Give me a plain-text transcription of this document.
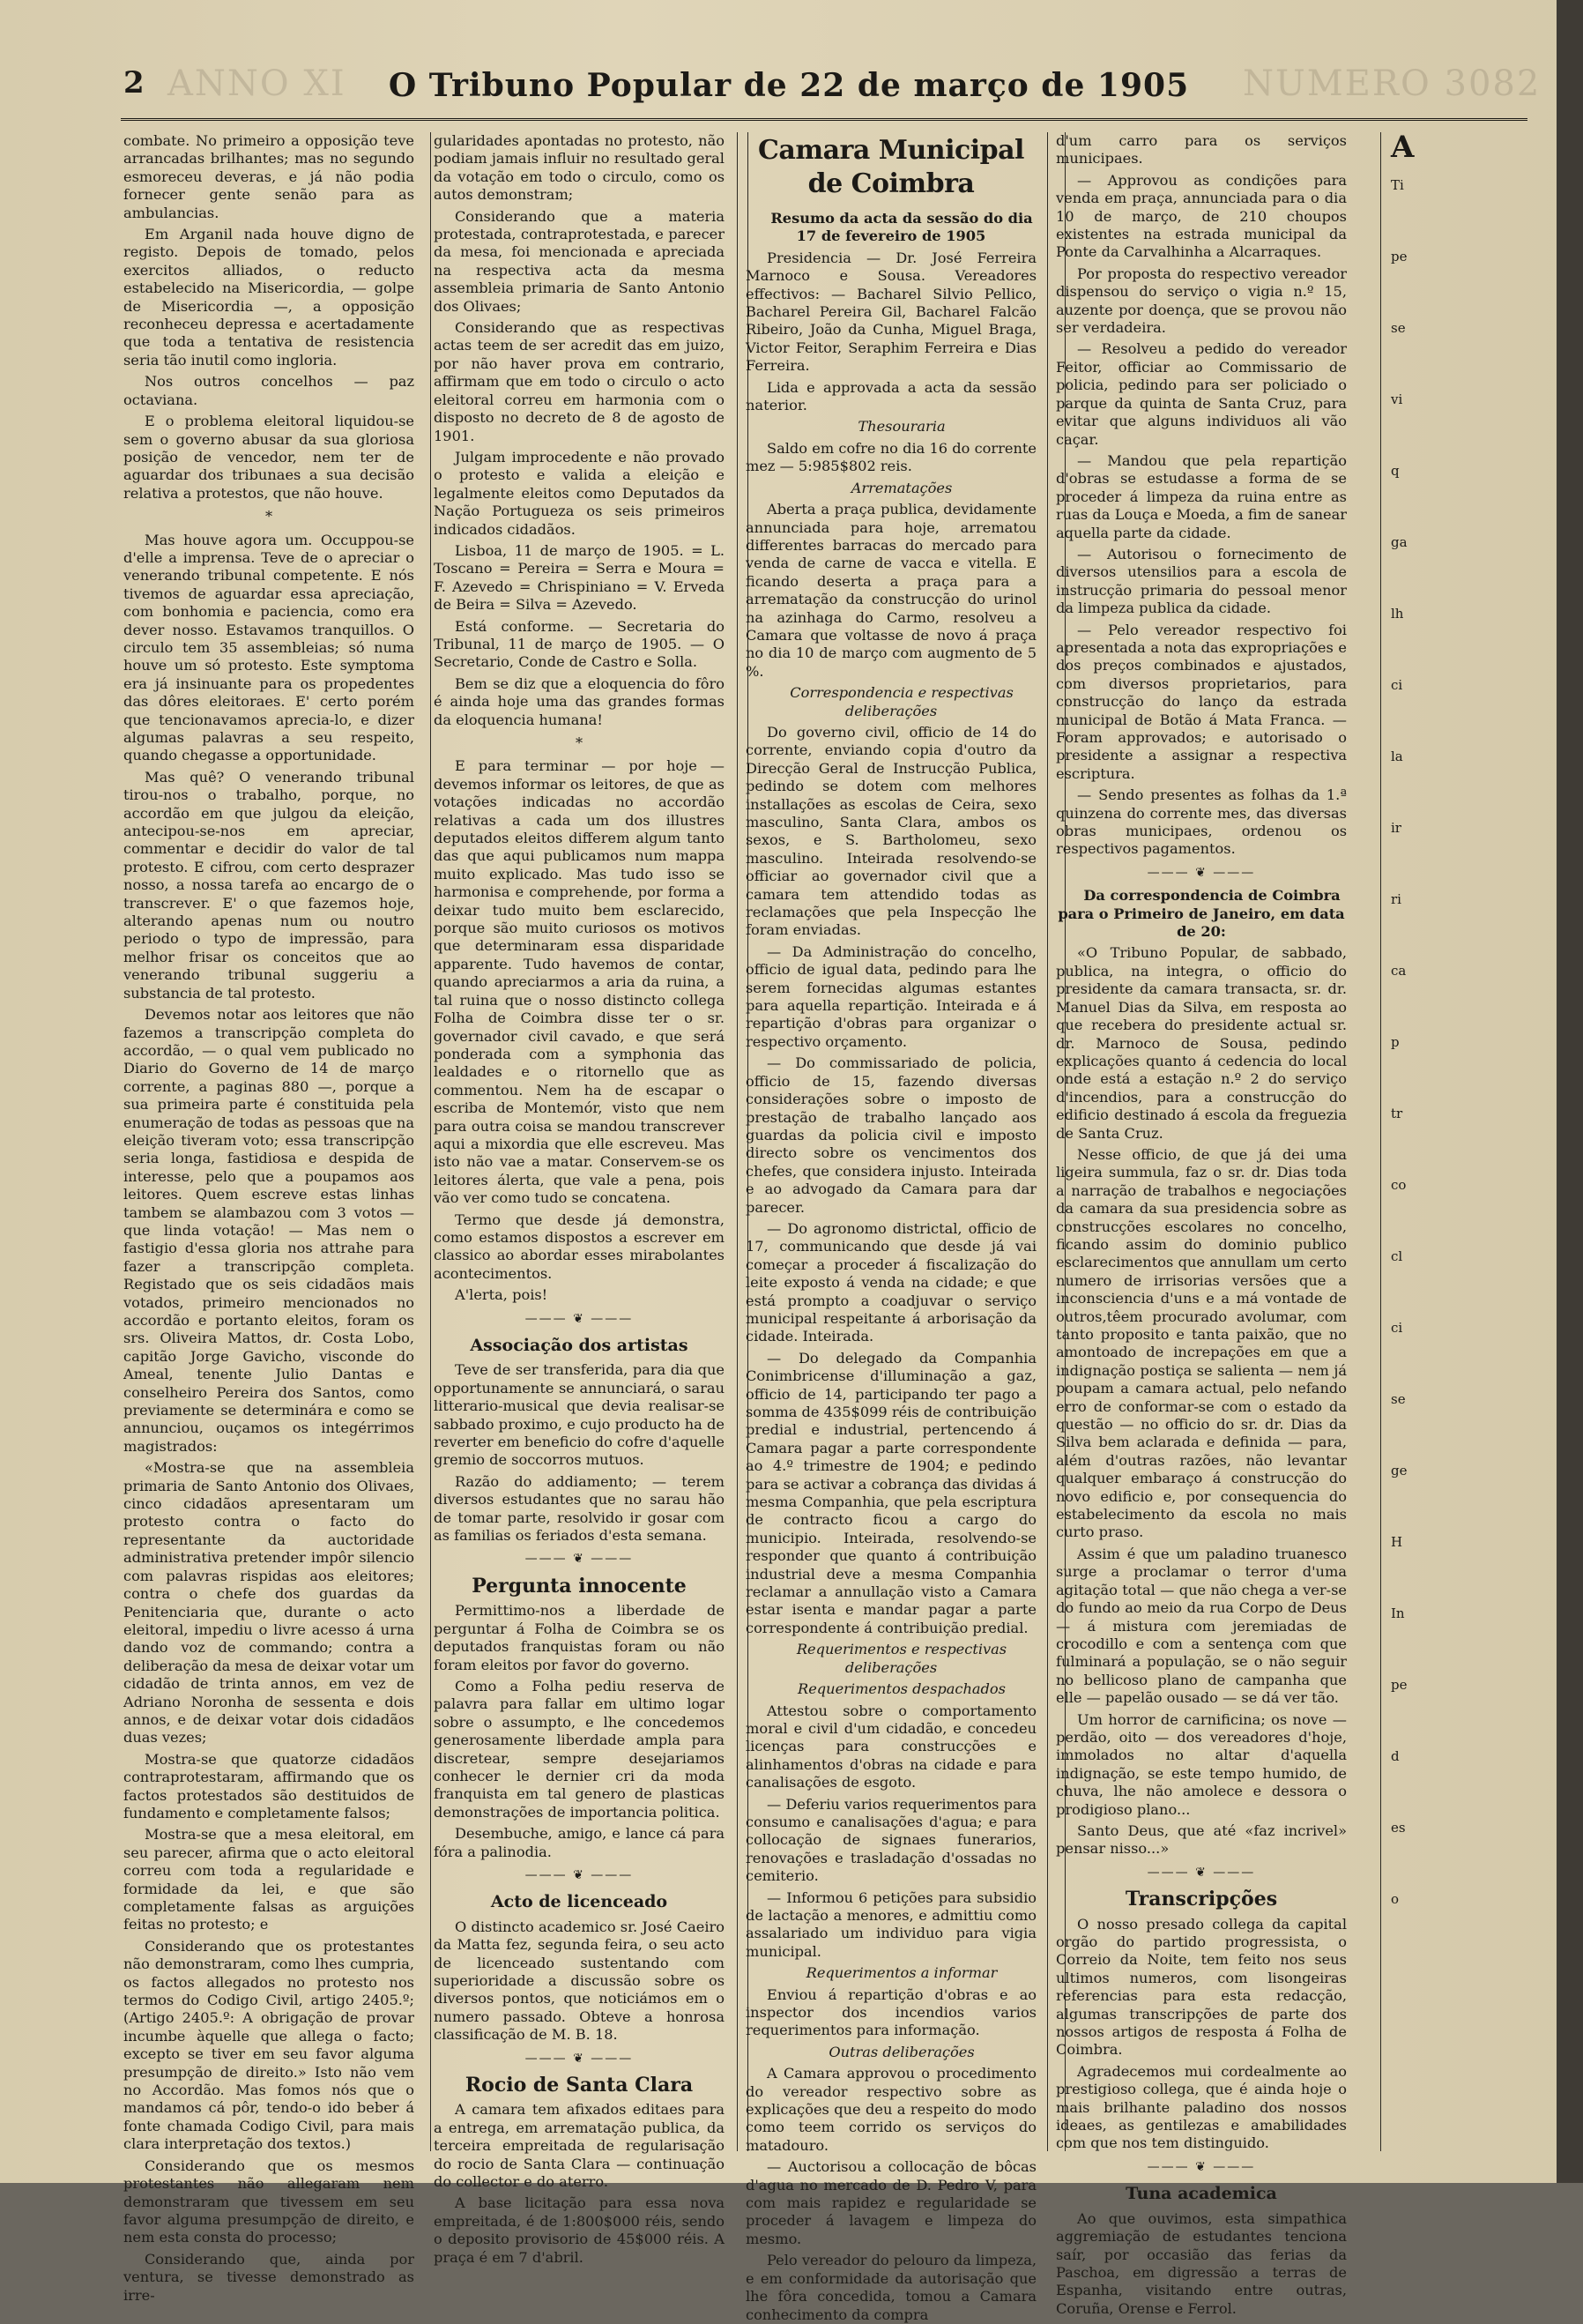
ANNO XI	NUMERO 3082
2	O Tribuno Popular de 22 de março de 1905

combate. No primeiro a opposição teve arrancadas brilhantes; mas no segundo esmoreceu deveras, e já não podia fornecer gente senão para as ambulancias.

Em Arganil nada houve digno de registo. Depois de tomado, pelos exercitos alliados, o reducto estabelecido na Misericordia, — golpe de Misericordia —, a opposição reconheceu depressa e acertadamente que toda a tentativa de resistencia seria tão inutil como ingloria.

Nos outros concelhos — paz octaviana.

E o problema eleitoral liquidou-se sem o governo abusar da sua gloriosa posição de vencedor, nem ter de aguardar dos tribunaes a sua decisão relativa a protestos, que não houve.

*

Mas houve agora um. Occuppou-se d'elle a imprensa. Teve de o apreciar o venerando tribunal competente. E nós tivemos de aguardar essa apreciação, com bonhomia e paciencia, como era dever nosso. Estavamos tranquillos. O circulo tem 35 assembleias; só numa houve um só protesto. Este symptoma era já insinuante para os propedentes das dôres eleitoraes. E' certo porém que tencionavamos aprecia-lo, e dizer algumas palavras a seu respeito, quando chegasse a opportunidade.

Mas quê? O venerando tribunal tirou-nos o trabalho, porque, no accordão em que julgou da eleição, antecipou-se-nos em apreciar, commentar e decidir do valor de tal protesto. E cifrou, com certo desprazer nosso, a nossa tarefa ao encargo de o transcrever. E' o que fazemos hoje, alterando apenas num ou noutro periodo o typo de impressão, para melhor frisar os conceitos que ao venerando tribunal suggeriu a substancia de tal protesto.

Devemos notar aos leitores que não fazemos a transcripção completa do accordão, — o qual vem publicado no Diario do Governo de 14 de março corrente, a paginas 880 —, porque a sua primeira parte é constituida pela enumeração de todas as pessoas que na eleição tiveram voto; essa transcripção seria longa, fastidiosa e despida de interesse, pelo que a poupamos aos leitores. Quem escreve estas linhas tambem se alambazou com 3 votos — que linda votação! — Mas nem o fastigio d'essa gloria nos attrahe para fazer a transcripção completa. Registado que os seis cidadãos mais votados, primeiro mencionados no accordão e portanto eleitos, foram os srs. Oliveira Mattos, dr. Costa Lobo, capitão Jorge Gavicho, visconde do Ameal, tenente Julio Dantas e conselheiro Pereira dos Santos, como previamente se determinára e como se annunciou, ouçamos os integérrimos magistrados:

«Mostra-se que na assembleia primaria de Santo Antonio dos Olivaes, cinco cidadãos apresentaram um protesto contra o facto do representante da auctoridade administrativa pretender impôr silencio com palavras rispidas aos eleitores; contra o chefe dos guardas da Penitenciaria que, durante o acto eleitoral, impediu o livre acesso á urna dando voz de commando; contra a deliberação da mesa de deixar votar um cidadão de trinta annos, em vez de Adriano Noronha de sessenta e dois annos, e de deixar votar dois cidadãos duas vezes;

Mostra-se que quatorze cidadãos contraprotestaram, affirmando que os factos protestados são destituidos de fundamento e completamente falsos;

Mostra-se que a mesa eleitoral, em seu parecer, afirma que o acto eleitoral correu com toda a regularidade e formidade da lei, e que são completamente falsas as arguições feitas no protesto; e

Considerando que os protestantes não demonstraram, como lhes cumpria, os factos allegados no protesto nos termos do Codigo Civil, artigo 2405.º; (Artigo 2405.º: A obrigação de provar incumbe àquelle que allega o facto; excepto se tiver em seu favor alguma presumpção de direito.» Isto não vem no Accordão. Mas fomos nós que o mandamos cá pôr, tendo-o ido beber á fonte chamada Codigo Civil, para mais clara interpretação dos textos.)

Considerando que os mesmos protestantes não allegaram nem demonstraram que tivessem em seu favor alguma presumpção de direito, e nem esta consta do processo;

Considerando que, ainda por ventura, se tivesse demonstrado as irre-

gularidades apontadas no protesto, não podiam jamais influir no resultado geral da votação em todo o circulo, como os autos demonstram;

Considerando que a materia protestada, contraprotestada, e parecer da mesa, foi mencionada e apreciada na respectiva acta da mesma assembleia primaria de Santo Antonio dos Olivaes;

Considerando que as respectivas actas teem de ser acredit das em juizo, por não haver prova em contrario, affirmam que em todo o circulo o acto eleitoral correu em harmonia com o disposto no decreto de 8 de agosto de 1901.

Julgam improcedente e não provado o protesto e valida a eleição e legalmente eleitos como Deputados da Nação Portugueza os seis primeiros indicados cidadãos.

Lisboa, 11 de março de 1905. = L. Toscano = Pereira = Serra e Moura = F. Azevedo = Chrispiniano = V. Erveda de Beira = Silva = Azevedo.

Está conforme. — Secretaria do Tribunal, 11 de março de 1905. — O Secretario, Conde de Castro e Solla.

Bem se diz que a eloquencia do fôro é ainda hoje uma das grandes formas da eloquencia humana!

*

E para terminar — por hoje — devemos informar os leitores, de que as votações indicadas no accordão relativas a cada um dos illustres deputados eleitos differem algum tanto das que aqui publicamos num mappa muito explicado. Mas tudo isso se harmonisa e comprehende, por forma a deixar tudo muito bem esclarecido, porque são muito curiosos os motivos que determinaram essa disparidade apparente. Tudo havemos de contar, quando apreciarmos a aria da ruina, a tal ruina que o nosso distincto collega Folha de Coimbra disse ter o sr. governador civil cavado, e que será ponderada com a symphonia das lealdades e o ritornello que as commentou. Nem ha de escapar o escriba de Montemór, visto que nem para outra coisa se mandou transcrever aqui a mixordia que elle escreveu. Mas isto não vae a matar. Conservem-se os leitores álerta, que vale a pena, pois vão ver como tudo se concatena.

Termo que desde já demonstra, como estamos dispostos a escrever em classico ao abordar esses mirabolantes acontecimentos.

A'lerta, pois!

——— ❦ ———
Associação dos artistas

Teve de ser transferida, para dia que opportunamente se annunciará, o sarau litterario-musical que devia realisar-se sabbado proximo, e cujo producto ha de reverter em beneficio do cofre d'aquelle gremio de soccorros mutuos.

Razão do addiamento; — terem diversos estudantes que no sarau hão de tomar parte, resolvido ir gosar com as familias os feriados d'esta semana.

——— ❦ ———
Pergunta innocente

Permittimo-nos a liberdade de perguntar á Folha de Coimbra se os deputados franquistas foram ou não foram eleitos por favor do governo.

Como a Folha pediu reserva de palavra para fallar em ultimo logar sobre o assumpto, e lhe concedemos generosamente liberdade ampla para discretear, sempre desejariamos conhecer le dernier cri da moda franquista em tal genero de plasticas demonstrações de importancia politica.

Desembuche, amigo, e lance cá para fóra a palinodia.

——— ❦ ———
Acto de licenceado

O distincto academico sr. José Caeiro da Matta fez, segunda feira, o seu acto de licenceado sustentando com superioridade a discussão sobre os diversos pontos, que noticiámos em o numero passado. Obteve a honrosa classificação de M. B. 18.

——— ❦ ———
Rocio de Santa Clara

A camara tem afixados editaes para a entrega, em arrematação publica, da terceira empreitada de regularisação do rocio de Santa Clara — continuação do collector e do aterro.

A base licitação para essa nova empreitada, é de 1:800$000 réis, sendo o deposito provisorio de 45$000 réis. A praça é em 7 d'abril.

Camara Municipal de Coimbra

Resumo da acta da sessão do dia 17 de fevereiro de 1905

Presidencia — Dr. José Ferreira Marnoco e Sousa. Vereadores effectivos: — Bacharel Silvio Pellico, Bacharel Pereira Gil, Bacharel Falcão Ribeiro, João da Cunha, Miguel Braga, Victor Feitor, Seraphim Ferreira e Dias Ferreira.

Lida e approvada a acta da sessão naterior.

Thesouraria

Saldo em cofre no dia 16 do corrente mez — 5:985$802 reis.

Arrematações

Aberta a praça publica, devidamente annunciada para hoje, arrematou differentes barracas do mercado para venda de carne de vacca e vitella. E ficando deserta a praça para a arrematação da construcção do urinol na azinhaga do Carmo, resolveu a Camara que voltasse de novo á praça no dia 10 de março com augmento de 5 %.

Correspondencia e respectivas deliberações

Do governo civil, officio de 14 do corrente, enviando copia d'outro da Direcção Geral de Instrucção Publica, pedindo se dotem com melhores installações as escolas de Ceira, sexo masculino, Santa Clara, ambos os sexos, e S. Bartholomeu, sexo masculino. Inteirada resolvendo-se officiar ao governador civil que a camara tem attendido todas as reclamações que pela Inspecção lhe foram enviadas.

— Da Administração do concelho, officio de igual data, pedindo para lhe serem fornecidas algumas estantes para aquella repartição. Inteirada e á repartição d'obras para organizar o respectivo orçamento.

— Do commissariado de policia, officio de 15, fazendo diversas considerações sobre o imposto de prestação de trabalho lançado aos guardas da policia civil e imposto directo sobre os vencimentos dos chefes, que considera injusto. Inteirada e ao advogado da Camara para dar parecer.

— Do agronomo districtal, officio de 17, communicando que desde já vai começar a proceder á fiscalização do leite exposto á venda na cidade; e que está prompto a coadjuvar o serviço municipal respeitante á arborisação da cidade. Inteirada.

— Do delegado da Companhia Conimbricense d'illuminação a gaz, officio de 14, participando ter pago a somma de 435$099 réis de contribuição predial e industrial, pertencendo á Camara pagar a parte correspondente ao 4.º trimestre de 1904; e pedindo para se activar a cobrança das dividas á mesma Companhia, que pela escriptura de contracto ficou a cargo do municipio. Inteirada, resolvendo-se responder que quanto á contribuição industrial deve a mesma Companhia reclamar a annullação visto a Camara estar isenta e mandar pagar a parte correspondente á contribuição predial.

Requerimentos e respectivas deliberações

Requerimentos despachados

Attestou sobre o comportamento moral e civil d'um cidadão, e concedeu licenças para construcções e alinhamentos d'obras na cidade e para canalisações de esgoto.

— Deferiu varios requerimentos para consumo e canalisações d'agua; e para collocação de signaes funerarios, renovações e trasladação d'ossadas no cemiterio.

— Informou 6 petições para subsidio de lactação a menores, e admittiu como assalariado um individuo para vigia municipal.

Requerimentos a informar

Enviou á repartição d'obras e ao inspector dos incendios varios requerimentos para informação.

Outras deliberações

A Camara approvou o procedimento do vereador respectivo sobre as explicações que deu a respeito do modo como teem corrido os serviços do matadouro.

— Auctorisou a collocação de bôcas d'agua no mercado de D. Pedro V, para com mais rapidez e regularidade se proceder á lavagem e limpeza do mesmo.

Pelo vereador do pelouro da limpeza, e em conformidade da autorisação que lhe fôra concedida, tomou a Camara conhecimento da compra

A
Ti
pe
se
vi
q
ga
lh
ci
la
ir
ri
ca
p
tr
co
cl
ci
se
ge
H
In
pe
d
es
o

d'um carro para os serviços municipaes.

— Approvou as condições para venda em praça, annunciada para o dia 10 de março, de 210 choupos existentes na estrada municipal da Ponte da Carvalhinha a Alcarraques.

Por proposta do respectivo vereador dispensou do serviço o vigia n.º 15, auzente por doença, que se provou não ser verdadeira.

— Resolveu a pedido do vereador Feitor, officiar ao Commissario de policia, pedindo para ser policiado o parque da quinta de Santa Cruz, para evitar que alguns individuos ali vão caçar.

— Mandou que pela repartição d'obras se estudasse a forma de se proceder á limpeza da ruina entre as ruas da Louça e Moeda, a fim de sanear aquella parte da cidade.

— Autorisou o fornecimento de diversos utensilios para a escola de instrucção primaria do pessoal menor da limpeza publica da cidade.

— Pelo vereador respectivo foi apresentada a nota das expropriações e dos preços combinados e ajustados, com diversos proprietarios, para construcção do lanço da estrada municipal de Botão á Mata Franca. — Foram approvados; e autorisado o presidente a assignar a respectiva escriptura.

— Sendo presentes as folhas da 1.ª quinzena do corrente mes, das diversas obras municipaes, ordenou os respectivos pagamentos.

——— ❦ ———

Da correspondencia de Coimbra para o Primeiro de Janeiro, em data de 20:

«O Tribuno Popular, de sabbado, publica, na integra, o officio do presidente da camara transacta, sr. dr. Manuel Dias da Silva, em resposta ao que recebera do presidente actual sr. dr. Marnoco de Sousa, pedindo explicações quanto á cedencia do local onde está a estação n.º 2 do serviço d'incendios, para a construcção do edificio destinado á escola da freguezia de Santa Cruz.

Nesse officio, de que já dei uma ligeira summula, faz o sr. dr. Dias toda a narração de trabalhos e negociações da camara da sua presidencia sobre as construcções escolares no concelho, ficando assim do dominio publico esclarecimentos que annullam um certo numero de irrisorias versões que a inconsciencia d'uns e a má vontade de outros,têem procurado avolumar, com tanto proposito e tanta paixão, que no amontoado de increpações em que a indignação postiça se salienta — nem já poupam a camara actual, pelo nefando erro de conformar-se com o estado da questão — no officio do sr. dr. Dias da Silva bem aclarada e definida — para, além d'outras razões, não levantar qualquer embaraço á construcção do novo edificio e, por consequencia do estabelecimento da escola no mais curto praso.

Assim é que um paladino truanesco surge a proclamar o terror d'uma agitação total — que não chega a ver-se do fundo ao meio da rua Corpo de Deus — á mistura com jeremiadas de crocodillo e com a sentença com que fulminará a população, se o não seguir no bellicoso plano de campanha que elle — papelão ousado — se dá ver tão.

Um horror de carnificina; os nove — perdão, oito — dos vereadores d'hoje, immolados no altar d'aquella indignação, se este tempo humido, de chuva, lhe não amolece e dessora o prodigioso plano...

Santo Deus, que até «faz incrivel» pensar nisso...»

——— ❦ ———
Transcripções

O nosso presado collega da capital orgão do partido progressista, o Correio da Noite, tem feito nos seus ultimos numeros, com lisongeiras referencias para esta redacção, algumas transcripções de parte dos nossos artigos de resposta á Folha de Coimbra.

Agradecemos mui cordealmente ao prestigioso collega, que é ainda hoje o mais brilhante paladino dos nossos ideaes, as gentilezas e amabilidades com que nos tem distinguido.

——— ❦ ———
Tuna academica

Ao que ouvimos, esta simpathica aggremiação de estudantes tenciona saír, por occasião das ferias da Paschoa, em digressão a terras de Espanha, visitando entre outras, Coruña, Orense e Ferrol.
